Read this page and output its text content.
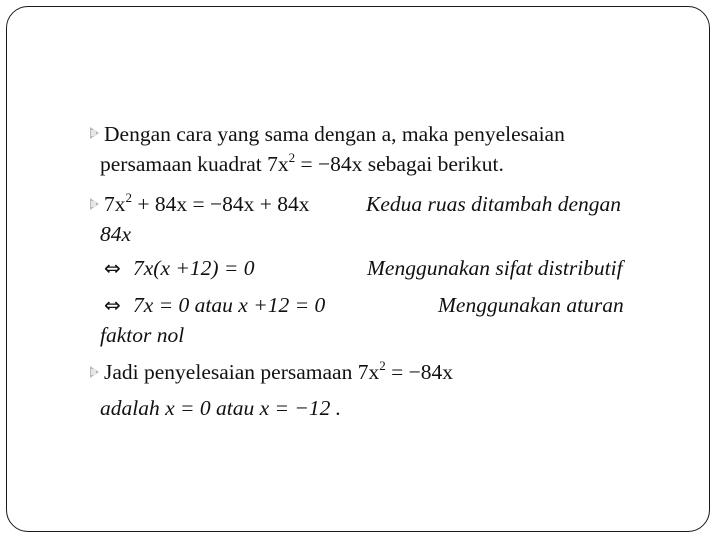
Dengan cara yang sama dengan a, maka penyelesaian
persamaan kuadrat $7x^2 = -84x$ sebagai berikut.
$7x^2 + 84x = -84x + 84x$	Kedua ruas ditambah dengan
84x
⇔ 7x(x +12) = 0	Menggunakan sifat distributif
⇔ 7x = 0 atau x +12 = 0	Menggunakan aturan
faktor nol
Jadi penyelesaian persamaan $7x^2 = -84x$
adalah x = 0 atau x = −12 .
